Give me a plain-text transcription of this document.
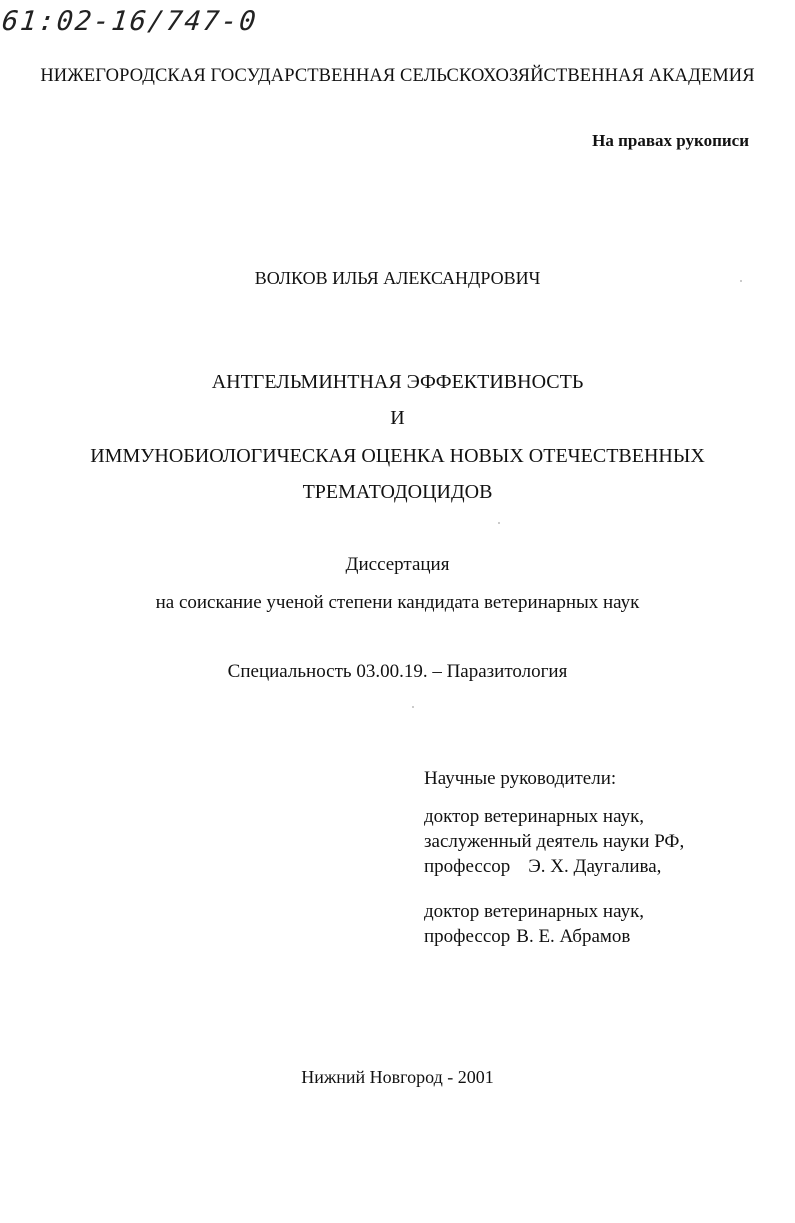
61:02-16/747-0
НИЖЕГОРОДСКАЯ ГОСУДАРСТВЕННАЯ СЕЛЬСКОХОЗЯЙСТВЕННАЯ АКАДЕМИЯ
На правах рукописи
ВОЛКОВ ИЛЬЯ АЛЕКСАНДРОВИЧ
АНТГЕЛЬМИНТНАЯ ЭФФЕКТИВНОСТЬ
И
ИММУНОБИОЛОГИЧЕСКАЯ ОЦЕНКА НОВЫХ ОТЕЧЕСТВЕННЫХ
ТРЕМАТОДОЦИДОВ
Диссертация
на соискание ученой степени кандидата ветеринарных наук
Специальность 03.00.19. – Паразитология
Научные руководители:
доктор ветеринарных наук,
заслуженный деятель науки РФ,
профессор Э. Х. Даугалива,
доктор ветеринарных наук,
профессор В. Е. Абрамов
Нижний Новгород - 2001
